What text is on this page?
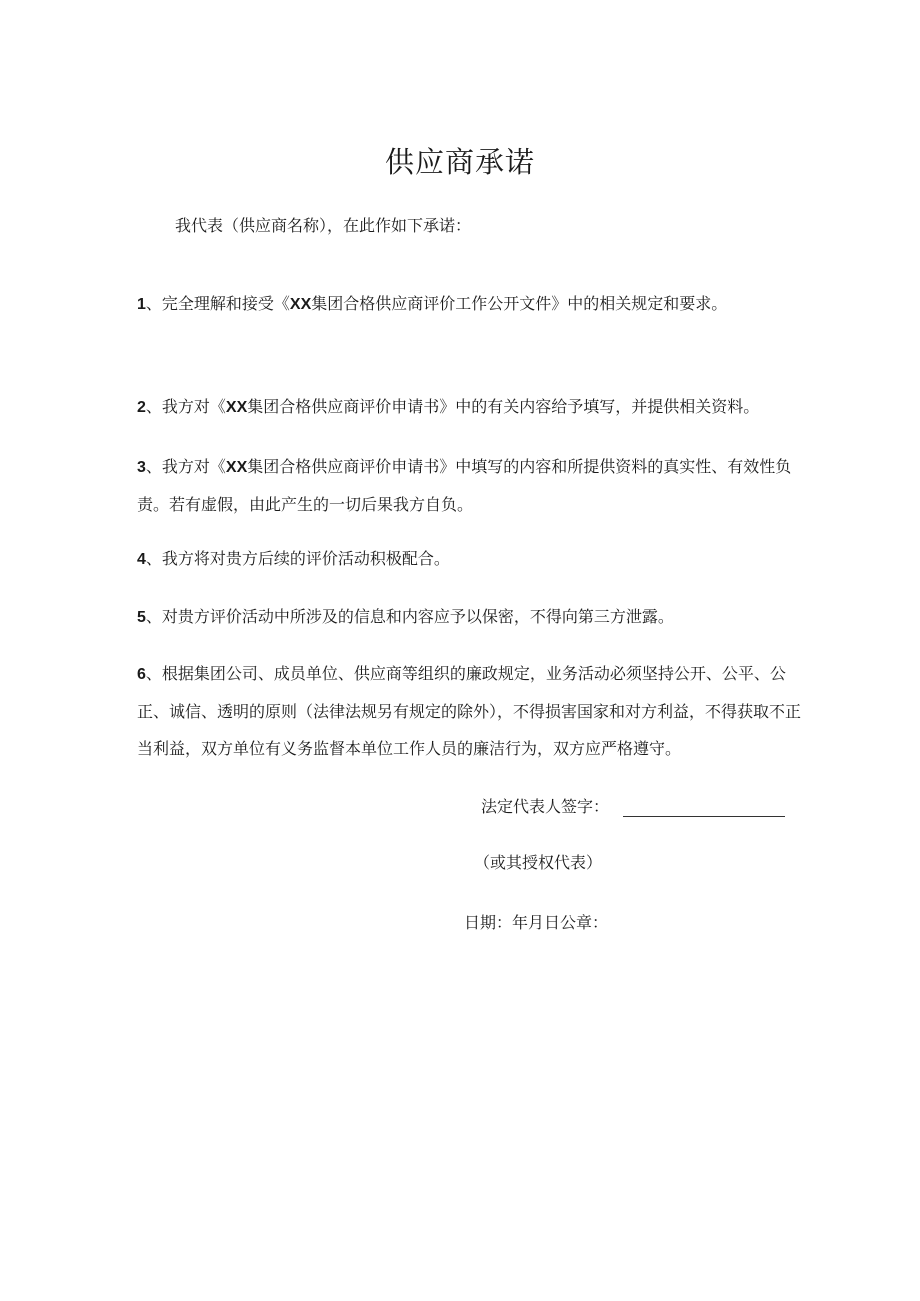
供应商承诺

我代表（供应商名称），在此作如下承诺：

1、完全理解和接受《XX集团合格供应商评价工作公开文件》中的相关规定和要求。

2、我方对《XX集团合格供应商评价申请书》中的有关内容给予填写，并提供相关资料。

3、我方对《XX集团合格供应商评价申请书》中填写的内容和所提供资料的真实性、有效性负责。若有虚假，由此产生的一切后果我方自负。

4、我方将对贵方后续的评价活动积极配合。

5、对贵方评价活动中所涉及的信息和内容应予以保密，不得向第三方泄露。

6、根据集团公司、成员单位、供应商等组织的廉政规定，业务活动必须坚持公开、公平、公正、诚信、透明的原则（法律法规另有规定的除外），不得损害国家和对方利益，不得获取不正当利益，双方单位有义务监督本单位工作人员的廉洁行为，双方应严格遵守。

法定代表人签字：

（或其授权代表）

日期：年月日公章：
